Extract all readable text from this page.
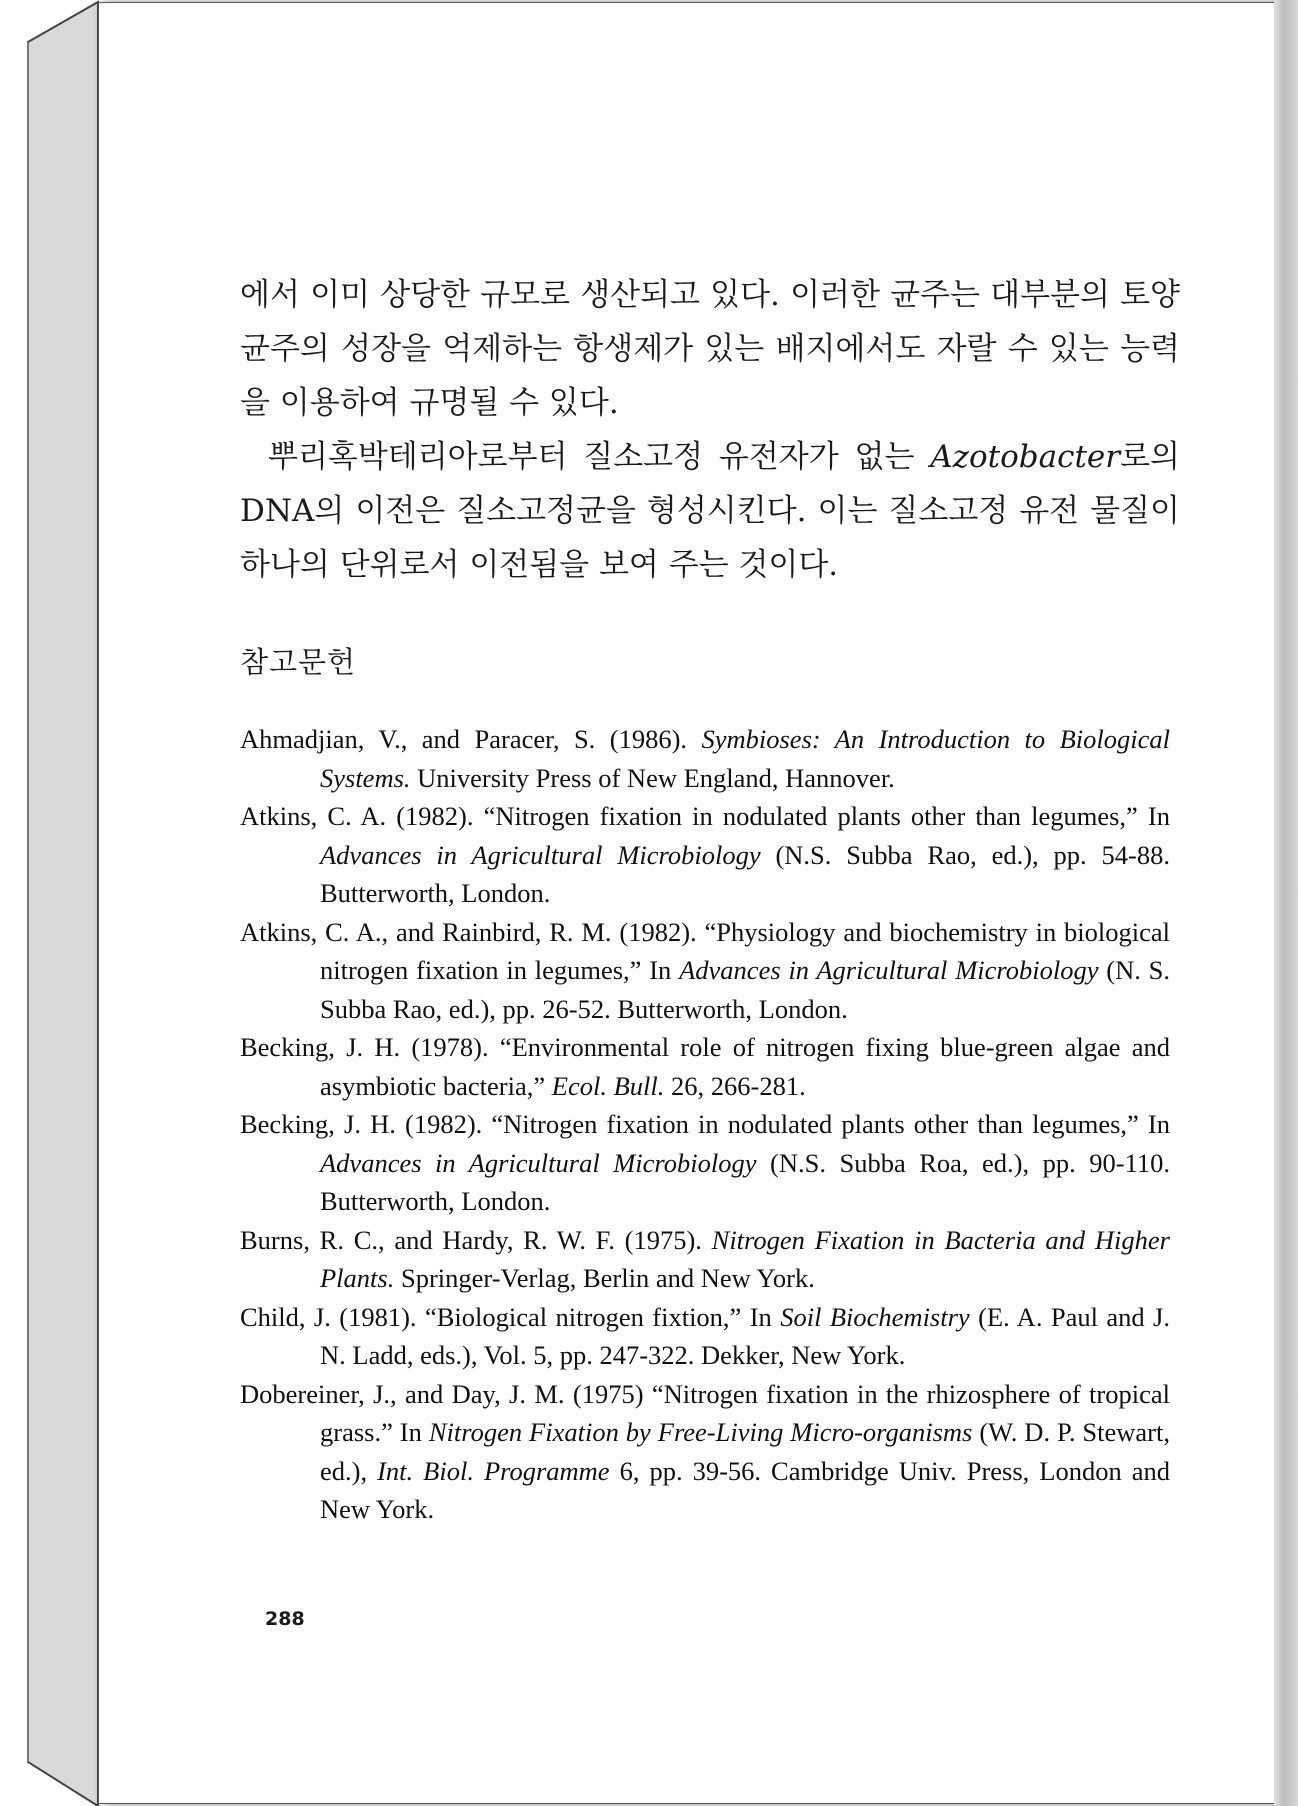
에서 이미 상당한 규모로 생산되고 있다. 이러한 균주는 대부분의 토양 균주의 성장을 억제하는 항생제가 있는 배지에서도 자랄 수 있는 능력을 이용하여 규명될 수 있다.

뿌리혹박테리아로부터 질소고정 유전자가 없는 Azotobacter로의 DNA의 이전은 질소고정균을 형성시킨다. 이는 질소고정 유전 물질이 하나의 단위로서 이전됨을 보여 주는 것이다.

참고문헌

Ahmadjian, V., and Paracer, S. (1986). Symbioses: An Introduction to Biological Systems. University Press of New England, Hannover.

Atkins, C. A. (1982). “Nitrogen fixation in nodulated plants other than legumes,” In Advances in Agricultural Microbiology (N.S. Subba Rao, ed.), pp. 54-88. Butterworth, London.

Atkins, C. A., and Rainbird, R. M. (1982). “Physiology and biochemistry in biological nitrogen fixation in legumes,” In Advances in Agricultural Microbiology (N. S. Subba Rao, ed.), pp. 26-52. Butterworth, London.

Becking, J. H. (1978). “Environmental role of nitrogen fixing blue-green algae and asymbiotic bacteria,” Ecol. Bull. 26, 266-281.

Becking, J. H. (1982). “Nitrogen fixation in nodulated plants other than legumes,” In Advances in Agricultural Microbiology (N.S. Subba Roa, ed.), pp. 90-110. Butterworth, London.

Burns, R. C., and Hardy, R. W. F. (1975). Nitrogen Fixation in Bacteria and Higher Plants. Springer-Verlag, Berlin and New York.

Child, J. (1981). “Biological nitrogen fixtion,” In Soil Biochemistry (E. A. Paul and J. N. Ladd, eds.), Vol. 5, pp. 247-322. Dekker, New York.

Dobereiner, J., and Day, J. M. (1975) “Nitrogen fixation in the rhizosphere of tropical grass.” In Nitrogen Fixation by Free-Living Micro-organisms (W. D. P. Stewart, ed.), Int. Biol. Programme 6, pp. 39-56. Cambridge Univ. Press, London and New York.

288
